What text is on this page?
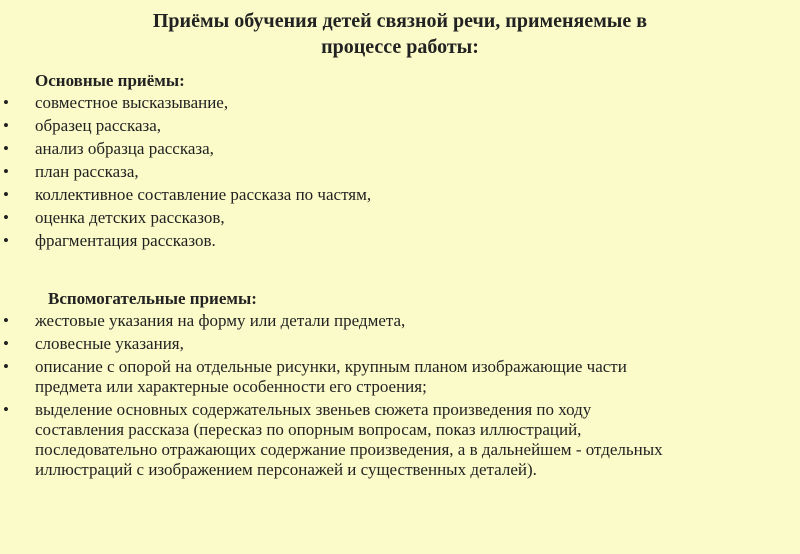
Приёмы обучения детей связной речи, применяемые в
процессе работы:
Основные приёмы:
• совместное высказывание,
• образец рассказа,
• анализ образца рассказа,
• план рассказа,
• коллективное составление рассказа по частям,
• оценка детских рассказов,
• фрагментация рассказов.
Вспомогательные приемы:
• жестовые указания на форму или детали предмета,
• словесные указания,
• описание с опорой на отдельные рисунки, крупным планом изображающие части
предмета или характерные особенности его строения;
• выделение основных содержательных звеньев сюжета произведения по ходу
составления рассказа (пересказ по опорным вопросам, показ иллюстраций,
последовательно отражающих содержание произведения, а в дальнейшем - отдельных
иллюстраций с изображением персонажей и существенных деталей).
